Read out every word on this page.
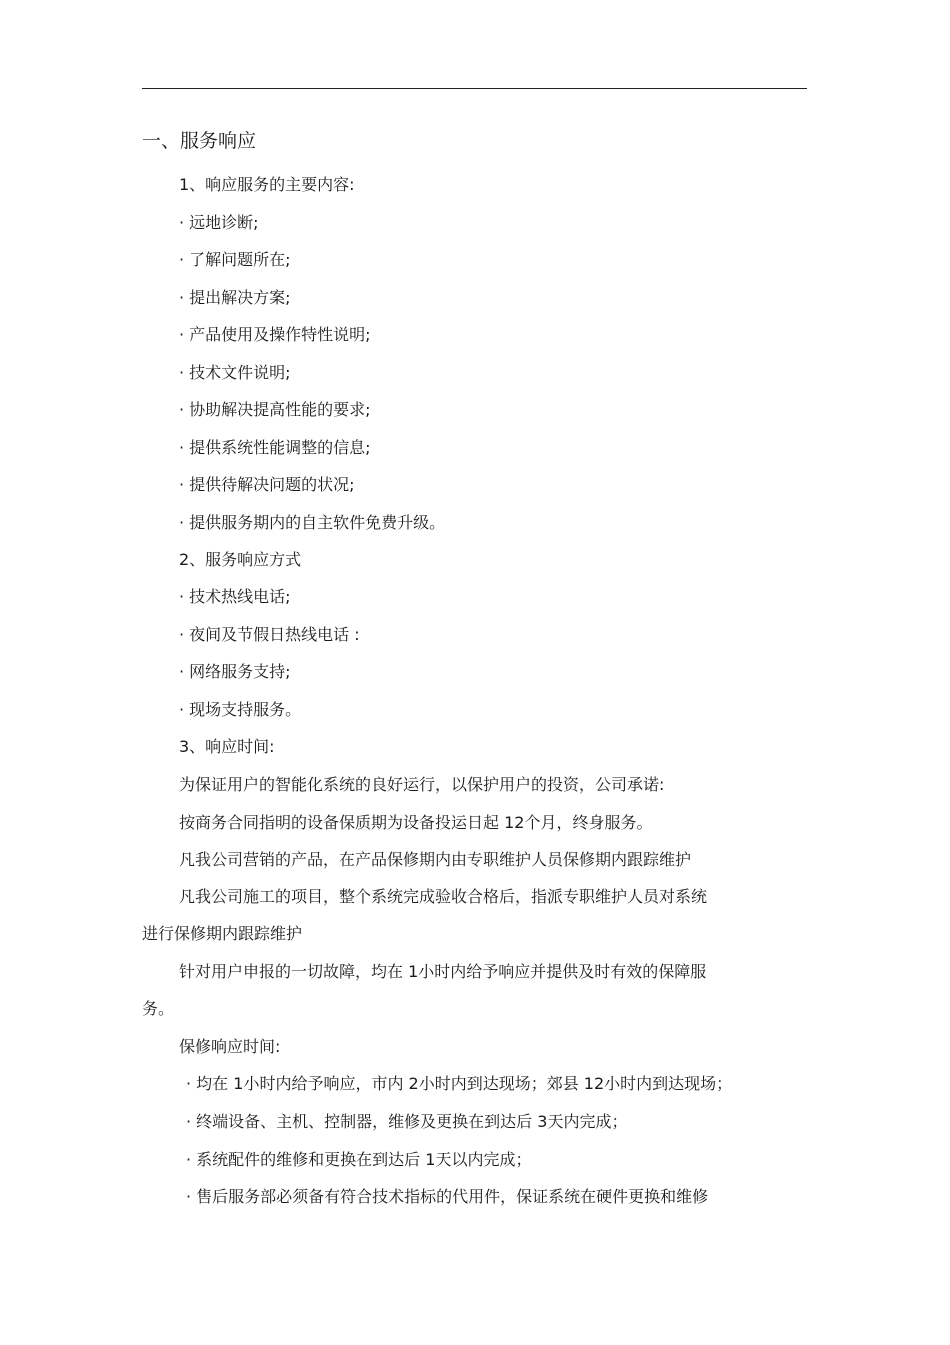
一、服务响应
1、响应服务的主要内容:
· 远地诊断;
· 了解问题所在;
· 提出解决方案;
· 产品使用及操作特性说明;
· 技术文件说明;
· 协助解决提高性能的要求;
· 提供系统性能调整的信息;
· 提供待解决问题的状况;
· 提供服务期内的自主软件免费升级。
2、服务响应方式
· 技术热线电话;
· 夜间及节假日热线电话 :
· 网络服务支持;
· 现场支持服务。
3、响应时间:
为保证用户的智能化系统的良好运行，以保护用户的投资，公司承诺:
按商务合同指明的设备保质期为设备投运日起 12个月，终身服务。
凡我公司营销的产品，在产品保修期内由专职维护人员保修期内跟踪维护
凡我公司施工的项目，整个系统完成验收合格后，指派专职维护人员对系统
进行保修期内跟踪维护
针对用户申报的一切故障，均在 1小时内给予响应并提供及时有效的保障服
务。
保修响应时间:
· 均在 1小时内给予响应，市内 2小时内到达现场；郊县 12小时内到达现场；
· 终端设备、主机、控制器，维修及更换在到达后 3天内完成；
· 系统配件的维修和更换在到达后 1天以内完成；
· 售后服务部必须备有符合技术指标的代用件，保证系统在硬件更换和维修
